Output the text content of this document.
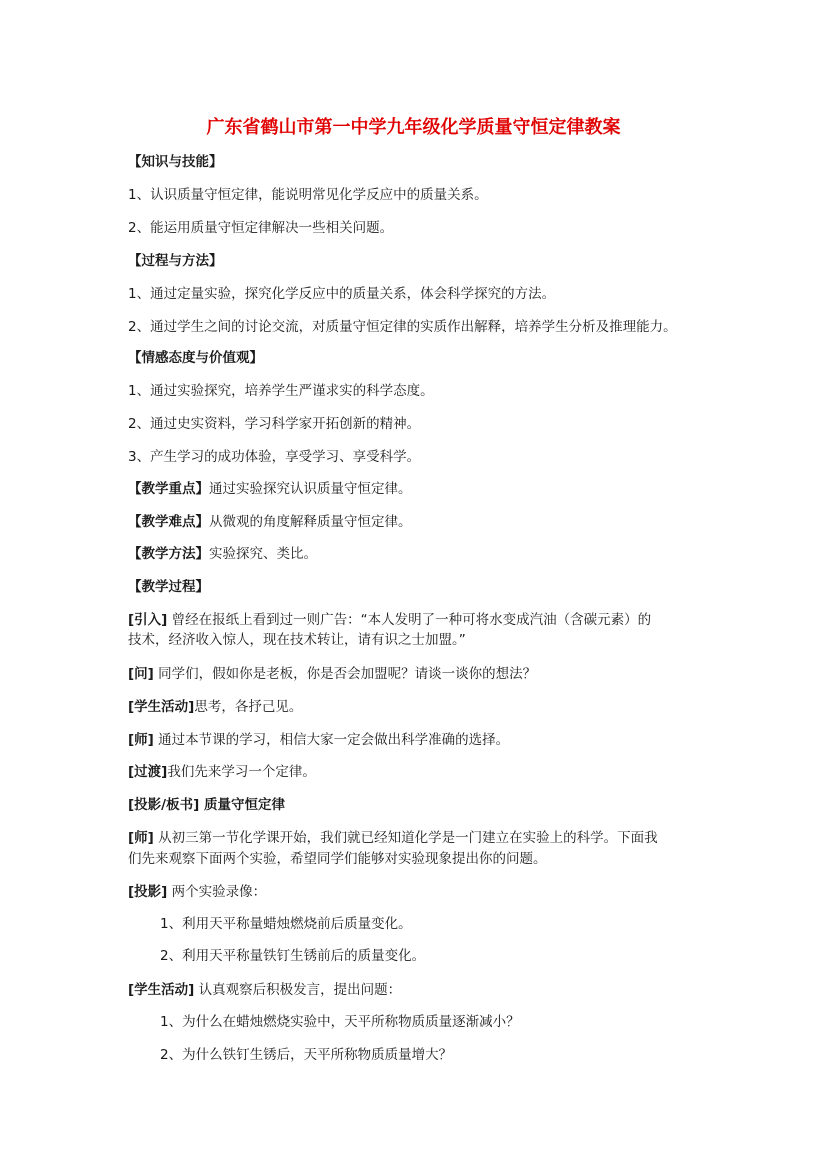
广东省鹤山市第一中学九年级化学质量守恒定律教案
【知识与技能】
1、认识质量守恒定律，能说明常见化学反应中的质量关系。
2、能运用质量守恒定律解决一些相关问题。
【过程与方法】
1、通过定量实验，探究化学反应中的质量关系，体会科学探究的方法。
2、通过学生之间的讨论交流，对质量守恒定律的实质作出解释，培养学生分析及推理能力。
【情感态度与价值观】
1、通过实验探究，培养学生严谨求实的科学态度。
2、通过史实资料，学习科学家开拓创新的精神。
3、产生学习的成功体验，享受学习、享受科学。
【教学重点】通过实验探究认识质量守恒定律。
【教学难点】从微观的角度解释质量守恒定律。
【教学方法】实验探究、类比。
【教学过程】
[引入] 曾经在报纸上看到过一则广告：“本人发明了一种可将水变成汽油（含碳元素）的
技术，经济收入惊人，现在技术转让，请有识之士加盟。”
[问] 同学们，假如你是老板，你是否会加盟呢？请谈一谈你的想法？
[学生活动]思考，各抒己见。
[师] 通过本节课的学习，相信大家一定会做出科学准确的选择。
[过渡]我们先来学习一个定律。
[投影/板书] 质量守恒定律
[师] 从初三第一节化学课开始，我们就已经知道化学是一门建立在实验上的科学。下面我
们先来观察下面两个实验，希望同学们能够对实验现象提出你的问题。
[投影] 两个实验录像：
1、利用天平称量蜡烛燃烧前后质量变化。
2、利用天平称量铁钉生锈前后的质量变化。
[学生活动] 认真观察后积极发言，提出问题：
1、为什么在蜡烛燃烧实验中，天平所称物质质量逐渐减小？
2、为什么铁钉生锈后，天平所称物质质量增大？
